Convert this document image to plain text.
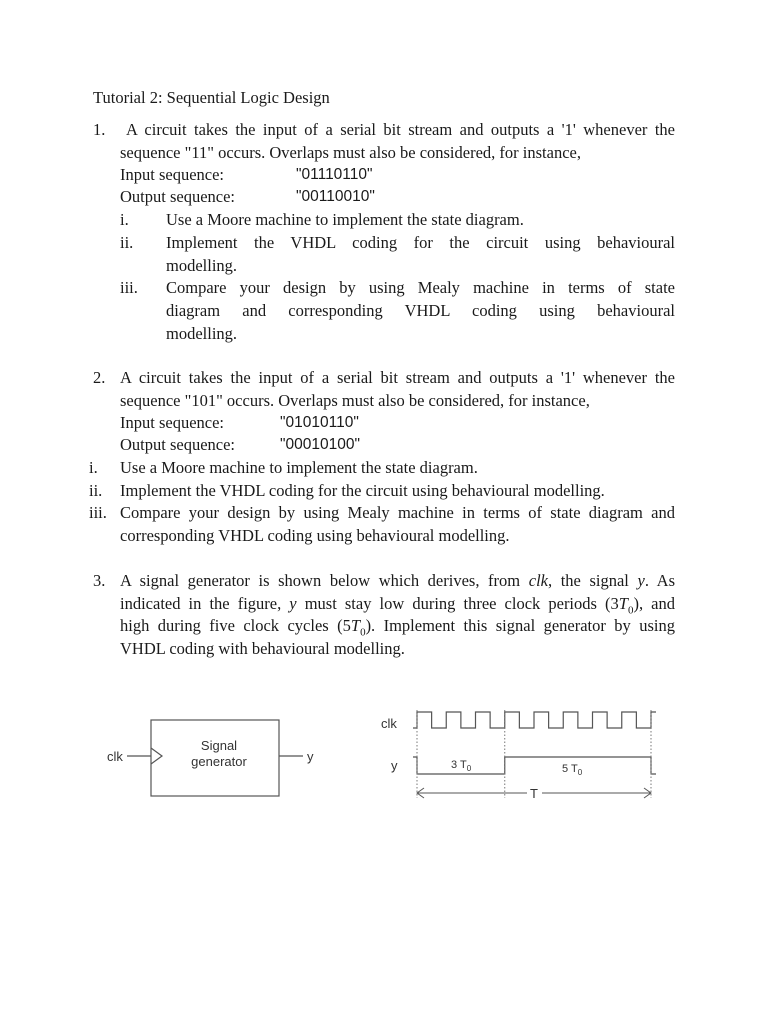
Tutorial 2: Sequential Logic Design
1. A circuit takes the input of a serial bit stream and outputs a '1' whenever the
sequence "11" occurs. Overlaps must also be considered, for instance,
Input sequence:	"01110110"
Output sequence:	"00110010"
i. Use a Moore machine to implement the state diagram.
ii. Implement the VHDL coding for the circuit using behavioural
modelling.
iii. Compare your design by using Mealy machine in terms of state
diagram and corresponding VHDL coding using behavioural
modelling.
2. A circuit takes the input of a serial bit stream and outputs a '1' whenever the
sequence "101" occurs. Overlaps must also be considered, for instance,
Input sequence:	"01010110"
Output sequence:	"00010100"
i. Use a Moore machine to implement the state diagram.
ii. Implement the VHDL coding for the circuit using behavioural modelling.
iii. Compare your design by using Mealy machine in terms of state diagram and
corresponding VHDL coding using behavioural modelling.
3. A signal generator is shown below which derives, from clk, the signal y. As
indicated in the figure, y must stay low during three clock periods $(3T_0)$, and
high during five clock cycles $(5T_0)$. Implement this signal generator by using
VHDL coding with behavioural modelling.
clk	y
Signal
generator
clk
y	3 $T_0$	5 $T_0$
T
